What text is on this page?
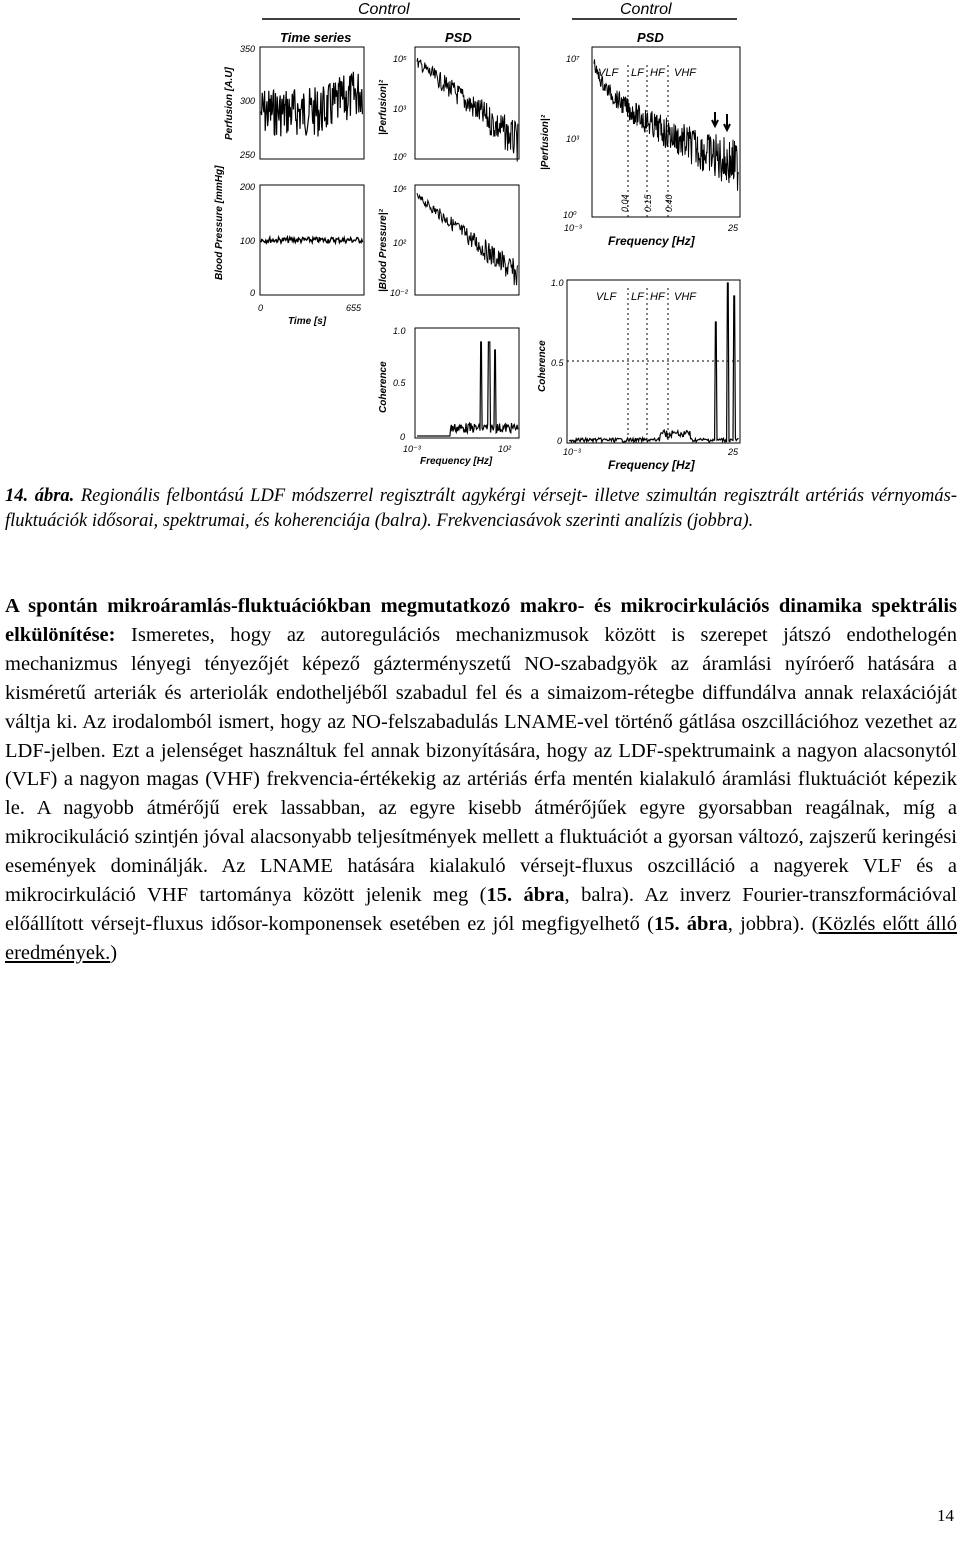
Control
Time series
350
300
250
Perfusion [A.U]
PSD
10⁵
10³
10⁰
|Perfusion|²
200
100
0
Blood Pressure [mmHg]
0	655
Time [s]
10⁶
10²
10⁻²
|Blood Pressure|²
1.0
0.5
0
Coherence
10⁻³	10²
Frequency [Hz]
Control
PSD
VLF LF HF VHF
0.04 0.15 0.40
10⁷
10³
10⁰
|Perfusion|²
10⁻³	25
Frequency [Hz]
VLF LF HF VHF
1.0
0.5
0
Coherence
10⁻³	25
Frequency [Hz]

14. ábra. Regionális felbontású LDF módszerrel regisztrált agykérgi vérsejt- illetve szimultán regisztrált artériás vérnyomás-fluktuációk idősorai, spektrumai, és koherenciája (balra). Frekvenciasávok szerinti analízis (jobbra).

A spontán mikroáramlás-fluktuációkban megmutatkozó makro- és mikrocirkulációs dinamika spektrális elkülönítése: Ismeretes, hogy az autoregulációs mechanizmusok között is szerepet játszó endothelogén mechanizmus lényegi tényezőjét képező gázterményszetű NO-szabadgyök az áramlási nyíróerő hatására a kisméretű arteriák és arteriolák endotheljéből szabadul fel és a simaizom-rétegbe diffundálva annak relaxációját váltja ki. Az irodalomból ismert, hogy az NO-felszabadulás LNAME-vel történő gátlása oszcillációhoz vezethet az LDF-jelben. Ezt a jelenséget használtuk fel annak bizonyítására, hogy az LDF-spektrumaink a nagyon alacsonytól (VLF) a nagyon magas (VHF) frekvencia-értékekig az artériás érfa mentén kialakuló áramlási fluktuációt képezik le. A nagyobb átmérőjű erek lassabban, az egyre kisebb átmérőjűek egyre gyorsabban reagálnak, míg a mikrocikuláció szintjén jóval alacsonyabb teljesítmények mellett a fluktuációt a gyorsan változó, zajszerű keringési események dominálják. Az LNAME hatására kialakuló vérsejt-fluxus oszcilláció a nagyerek VLF és a mikrocirkuláció VHF tartománya között jelenik meg (15. ábra, balra). Az inverz Fourier-transzformációval előállított vérsejt-fluxus idősor-komponensek esetében ez jól megfigyelhető (15. ábra, jobbra). (Közlés előtt álló eredmények.)

14
